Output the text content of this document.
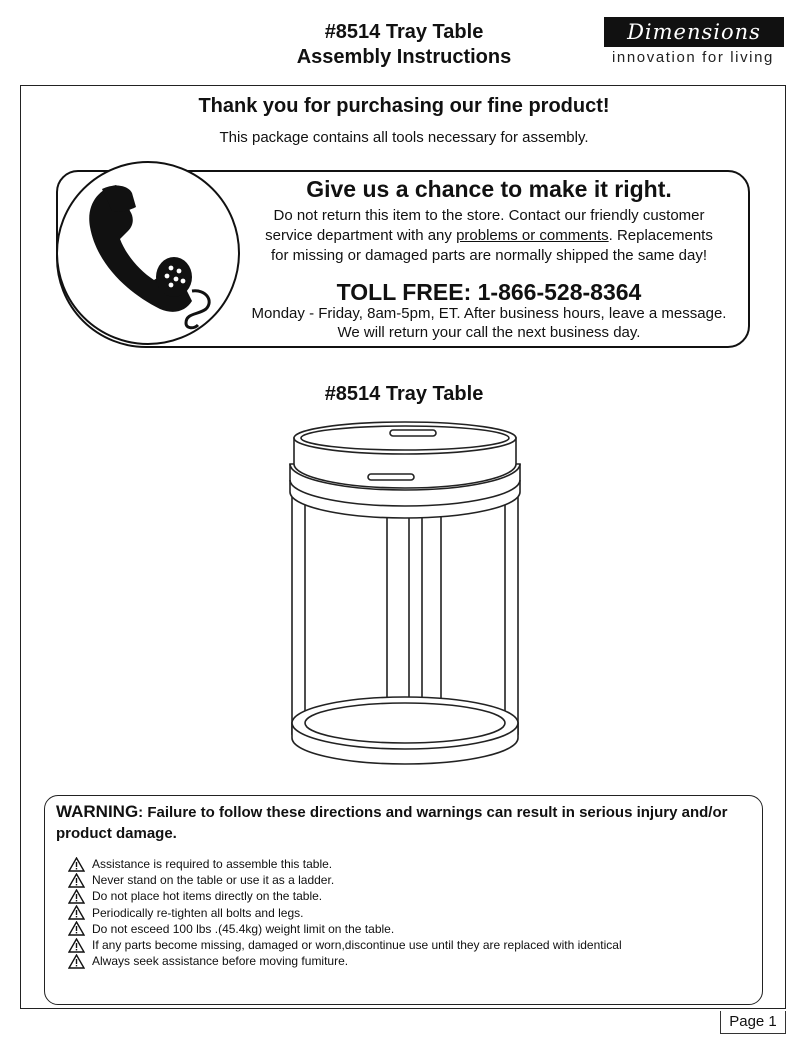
#8514 Tray Table
Assembly Instructions
Dimensions
innovation for living
Thank you for purchasing our fine product!
This package contains all tools necessary for assembly.
Give us a chance to make it right.
Do not return this item to the store. Contact our friendly customer
service department with any problems or comments. Replacements
for missing or damaged parts are normally shipped the same day!
TOLL FREE: 1-866-528-8364
Monday - Friday, 8am-5pm, ET. After business hours, leave a message.
We will return your call the next business day.
#8514 Tray Table
WARNING: Failure to follow these directions and warnings can result in serious injury and/or product damage.
Assistance is required to assemble this table.
Never stand on the table or use it as a ladder.
Do not place hot items directly on the table.
Periodically re-tighten all bolts and legs.
Do not esceed 100 lbs .(45.4kg) weight limit on the table.
If any parts become missing, damaged or worn,discontinue use until they are replaced with identical
Always seek assistance before moving fumiture.
Page 1
